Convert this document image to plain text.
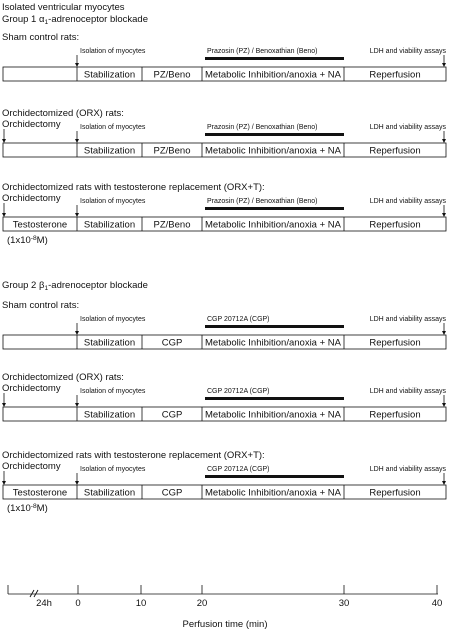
Isolated ventricular myocytes
Group 1 $\alpha_1$-adrenoceptor blockade
Group 2 $\beta_1$-adrenoceptor blockade
Sham control rats:
Isolation of myocytes	LDH and viability assays
Prazosin (PZ) / Benoxathian (Beno)
Stabilization PZ/Beno Metabolic Inhibition/anoxia + NA	Reperfusion
Orchidectomized (ORX) rats:
Orchidectomy	Isolation of myocytes	LDH and viability assays
Prazosin (PZ) / Benoxathian (Beno)
Stabilization PZ/Beno Metabolic Inhibition/anoxia + NA	Reperfusion
Orchidectomized rats with testosterone replacement (ORX+T):
Orchidectomy	Isolation of myocytes	LDH and viability assays
Prazosin (PZ) / Benoxathian (Beno)
Testosterone Stabilization PZ/Beno Metabolic Inhibition/anoxia + NA	Reperfusion
$(1x10^{-8}M)$
Sham control rats:
Isolation of myocytes	LDH and viability assays
CGP 20712A (CGP)
Stabilization	CGP Metabolic Inhibition/anoxia + NA	Reperfusion
Orchidectomized (ORX) rats:
Orchidectomy	Isolation of myocytes	LDH and viability assays
CGP 20712A (CGP)
Stabilization	CGP Metabolic Inhibition/anoxia + NA	Reperfusion
Orchidectomized rats with testosterone replacement (ORX+T):
Orchidectomy	Isolation of myocytes	LDH and viability assays
CGP 20712A (CGP)
Testosterone Stabilization	CGP Metabolic Inhibition/anoxia + NA	Reperfusion
$(1x10^{-8}M)$
24h 0	10	20	30	40
Perfusion time (min)
